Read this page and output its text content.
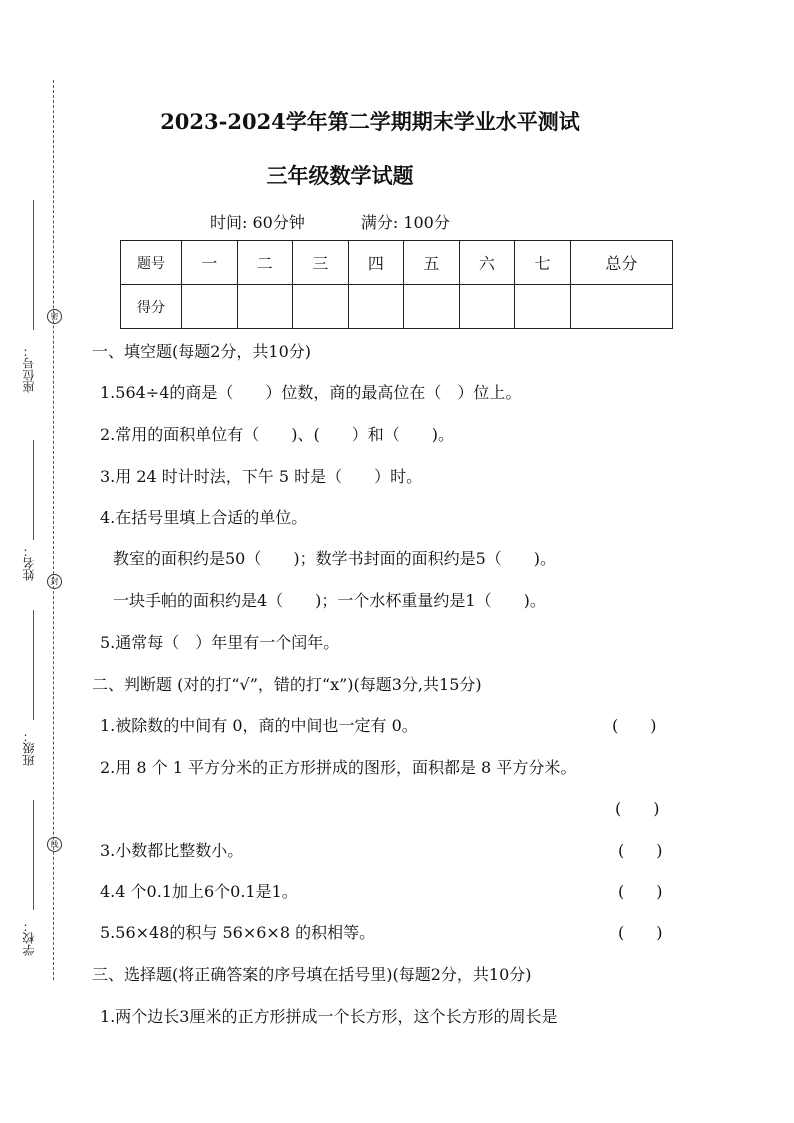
密
封
线
座位号：
姓名：
班级：
学校：
2023-2024学年第二学期期末学业水平测试
三年级数学试题
时间: 60分钟	满分: 100分
题号	一	二	三	四	五	六	七	总分
得分								
一、填空题(每题2分，共10分)
1.564÷4的商是（　　）位数，商的最高位在（　）位上。
2.常用的面积单位有（　　)、(　　）和（　　)。
3.用 24 时计时法，下午 5 时是（　　）时。
4.在括号里填上合适的单位。
教室的面积约是50（　　)；数学书封面的面积约是5（　　)。
一块手帕的面积约是4（　　)；一个水杯重量约是1（　　)。
5.通常每（　）年里有一个闰年。
二、判断题 (对的打“√”，错的打“x”)(每题3分,共15分)
1.被除数的中间有 0，商的中间也一定有 0。	(　　)
2.用 8 个 1 平方分米的正方形拼成的图形，面积都是 8 平方分米。
(　　)
3.小数都比整数小。	(　　)
4.4 个0.1加上6个0.1是1。	(　　)
5.56×48的积与 56×6×8 的积相等。	(　　)
三、选择题(将正确答案的序号填在括号里)(每题2分，共10分)
1.两个边长3厘米的正方形拼成一个长方形，这个长方形的周长是
